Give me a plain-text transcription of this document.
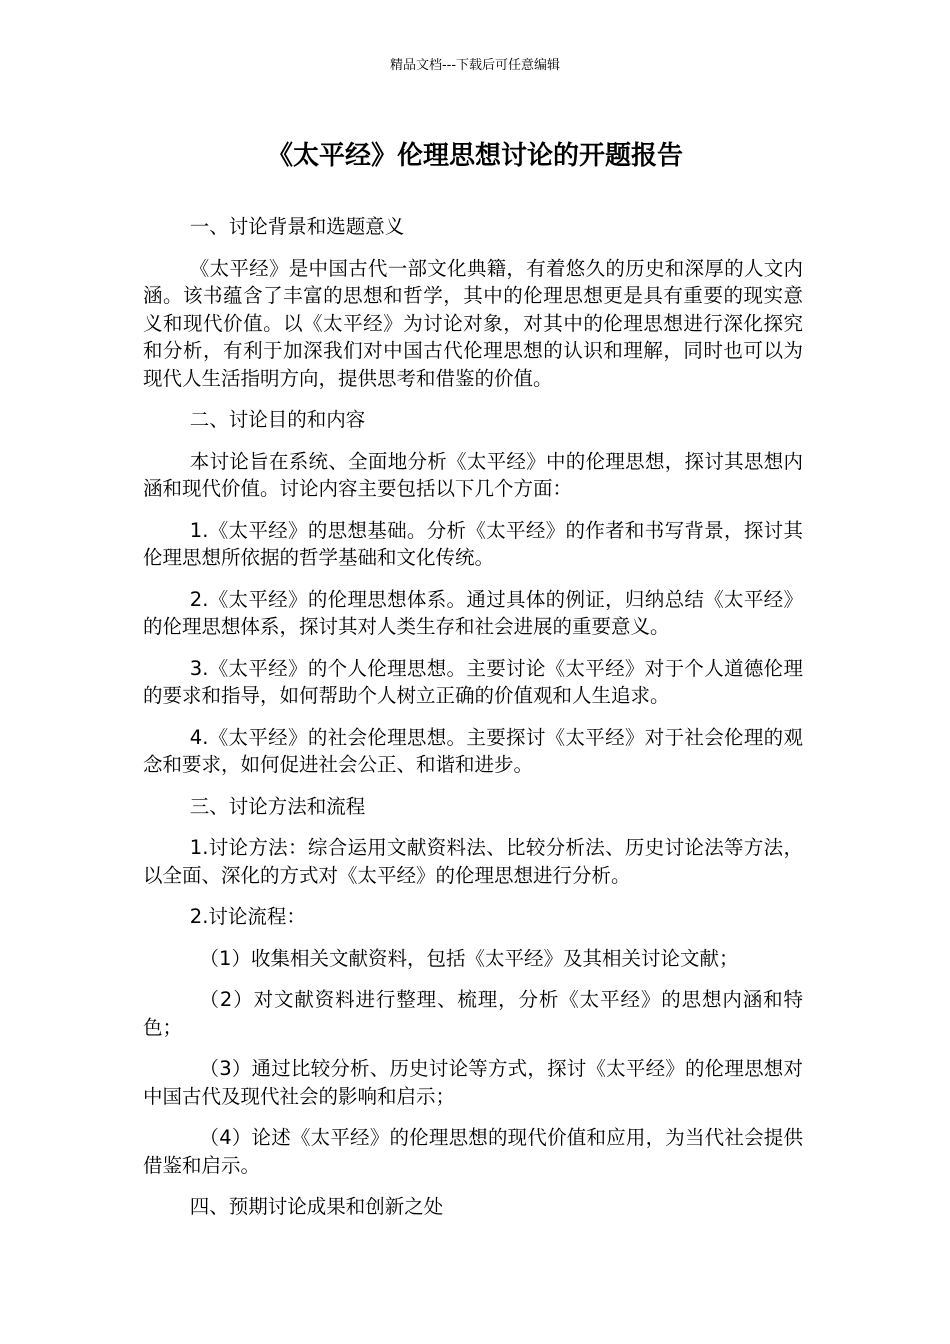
精品文档---下载后可任意编辑
《太平经》伦理思想讨论的开题报告

一、讨论背景和选题意义

《太平经》是中国古代一部文化典籍，有着悠久的历史和深厚的人文内涵。该书蕴含了丰富的思想和哲学，其中的伦理思想更是具有重要的现实意义和现代价值。以《太平经》为讨论对象，对其中的伦理思想进行深化探究和分析，有利于加深我们对中国古代伦理思想的认识和理解，同时也可以为现代人生活指明方向，提供思考和借鉴的价值。

二、讨论目的和内容

本讨论旨在系统、全面地分析《太平经》中的伦理思想，探讨其思想内涵和现代价值。讨论内容主要包括以下几个方面：

1.《太平经》的思想基础。分析《太平经》的作者和书写背景，探讨其伦理思想所依据的哲学基础和文化传统。

2.《太平经》的伦理思想体系。通过具体的例证，归纳总结《太平经》的伦理思想体系，探讨其对人类生存和社会进展的重要意义。

3.《太平经》的个人伦理思想。主要讨论《太平经》对于个人道德伦理的要求和指导，如何帮助个人树立正确的价值观和人生追求。

4.《太平经》的社会伦理思想。主要探讨《太平经》对于社会伦理的观念和要求，如何促进社会公正、和谐和进步。

三、讨论方法和流程

1.讨论方法：综合运用文献资料法、比较分析法、历史讨论法等方法，以全面、深化的方式对《太平经》的伦理思想进行分析。

2.讨论流程：

（1）收集相关文献资料，包括《太平经》及其相关讨论文献；

（2）对文献资料进行整理、梳理，分析《太平经》的思想内涵和特色；

（3）通过比较分析、历史讨论等方式，探讨《太平经》的伦理思想对中国古代及现代社会的影响和启示；

（4）论述《太平经》的伦理思想的现代价值和应用，为当代社会提供借鉴和启示。

四、预期讨论成果和创新之处
